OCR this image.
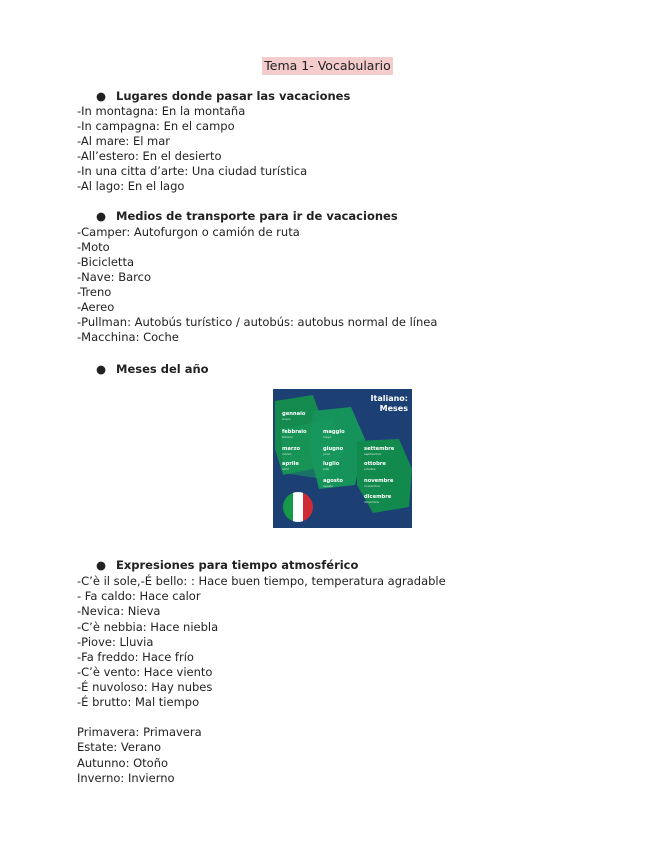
Tema 1- Vocabulario
● Lugares donde pasar las vacaciones
-In montagna: En la montaña
-In campagna: En el campo
-Al mare: El mar
-All’estero: En el desierto
-In una citta d’arte: Una ciudad turística
-Al lago: En el lago
● Medios de transporte para ir de vacaciones
-Camper: Autofurgon o camión de ruta
-Moto
-Bicicletta
-Nave: Barco
-Treno
-Aereo
-Pullman: Autobús turístico / autobús: autobus normal de línea
-Macchina: Coche
● Meses del año
Italiano:
Meses
gennaio
enero
febbraio
febrero
marzo
marzo
aprile
abril
maggio
mayo
giugno
junio
luglio
julio
agosto
agosto
settembre
septiembre
ottobre
octubre
novembre
noviembre
dicembre
diciembre
● Expresiones para tiempo atmosférico
-C’è il sole,-É bello: : Hace buen tiempo, temperatura agradable
- Fa caldo: Hace calor
-Nevica: Nieva
-C’è nebbia: Hace niebla
-Piove: Lluvia
-Fa freddo: Hace frío
-C’è vento: Hace viento
-É nuvoloso: Hay nubes
-É brutto: Mal tiempo
Primavera: Primavera
Estate: Verano
Autunno: Otoño
Inverno: Invierno
